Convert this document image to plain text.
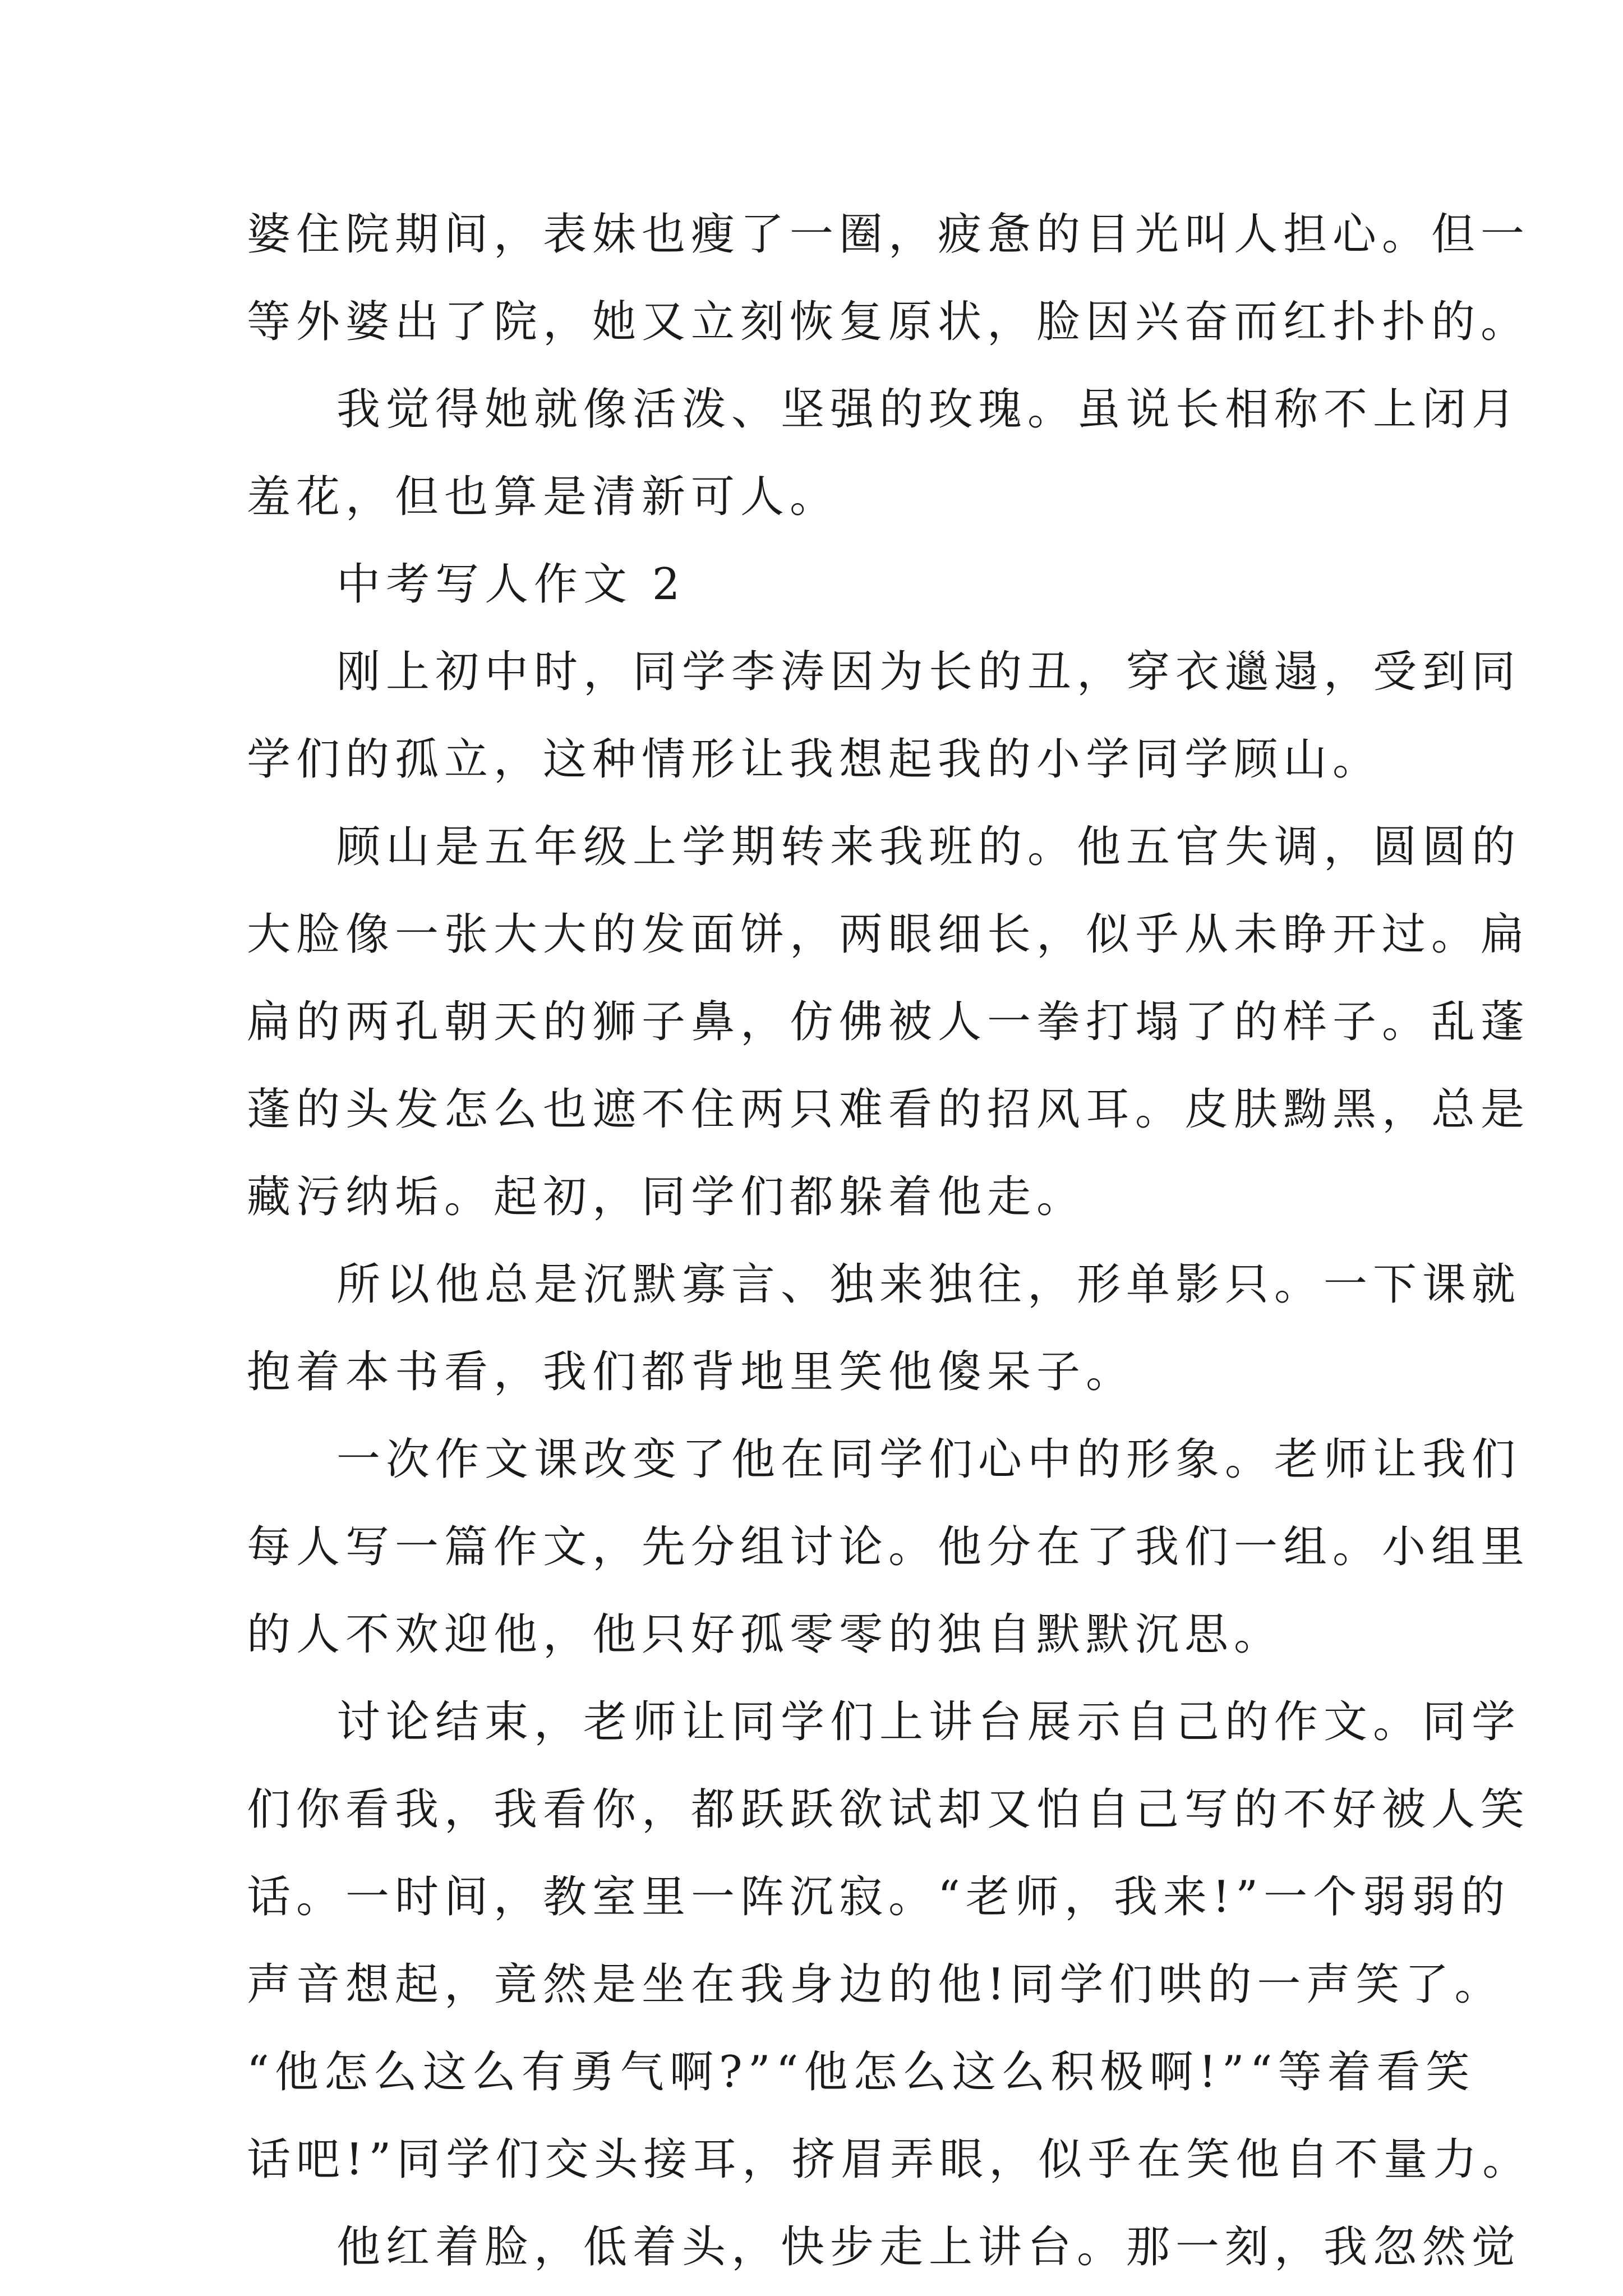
婆住院期间，表妹也瘦了一圈，疲惫的目光叫人担心。但一
等外婆出了院，她又立刻恢复原状，脸因兴奋而红扑扑的。
我觉得她就像活泼、坚强的玫瑰。虽说长相称不上闭月
羞花，但也算是清新可人。
中考写人作文 2
刚上初中时，同学李涛因为长的丑，穿衣邋遢，受到同
学们的孤立，这种情形让我想起我的小学同学顾山。
顾山是五年级上学期转来我班的。他五官失调，圆圆的
大脸像一张大大的发面饼，两眼细长，似乎从未睁开过。扁
扁的两孔朝天的狮子鼻，仿佛被人一拳打塌了的样子。乱蓬
蓬的头发怎么也遮不住两只难看的招风耳。皮肤黝黑，总是
藏污纳垢。起初，同学们都躲着他走。
所以他总是沉默寡言、独来独往，形单影只。一下课就
抱着本书看，我们都背地里笑他傻呆子。
一次作文课改变了他在同学们心中的形象。老师让我们
每人写一篇作文，先分组讨论。他分在了我们一组。小组里
的人不欢迎他，他只好孤零零的独自默默沉思。
讨论结束，老师让同学们上讲台展示自己的作文。同学
们你看我，我看你，都跃跃欲试却又怕自己写的不好被人笑
话。一时间，教室里一阵沉寂。“老师，我来!”一个弱弱的
声音想起，竟然是坐在我身边的他!同学们哄的一声笑了。
“他怎么这么有勇气啊?”“他怎么这么积极啊!”“等着看笑
话吧!”同学们交头接耳，挤眉弄眼，似乎在笑他自不量力。
他红着脸，低着头，快步走上讲台。那一刻，我忽然觉
